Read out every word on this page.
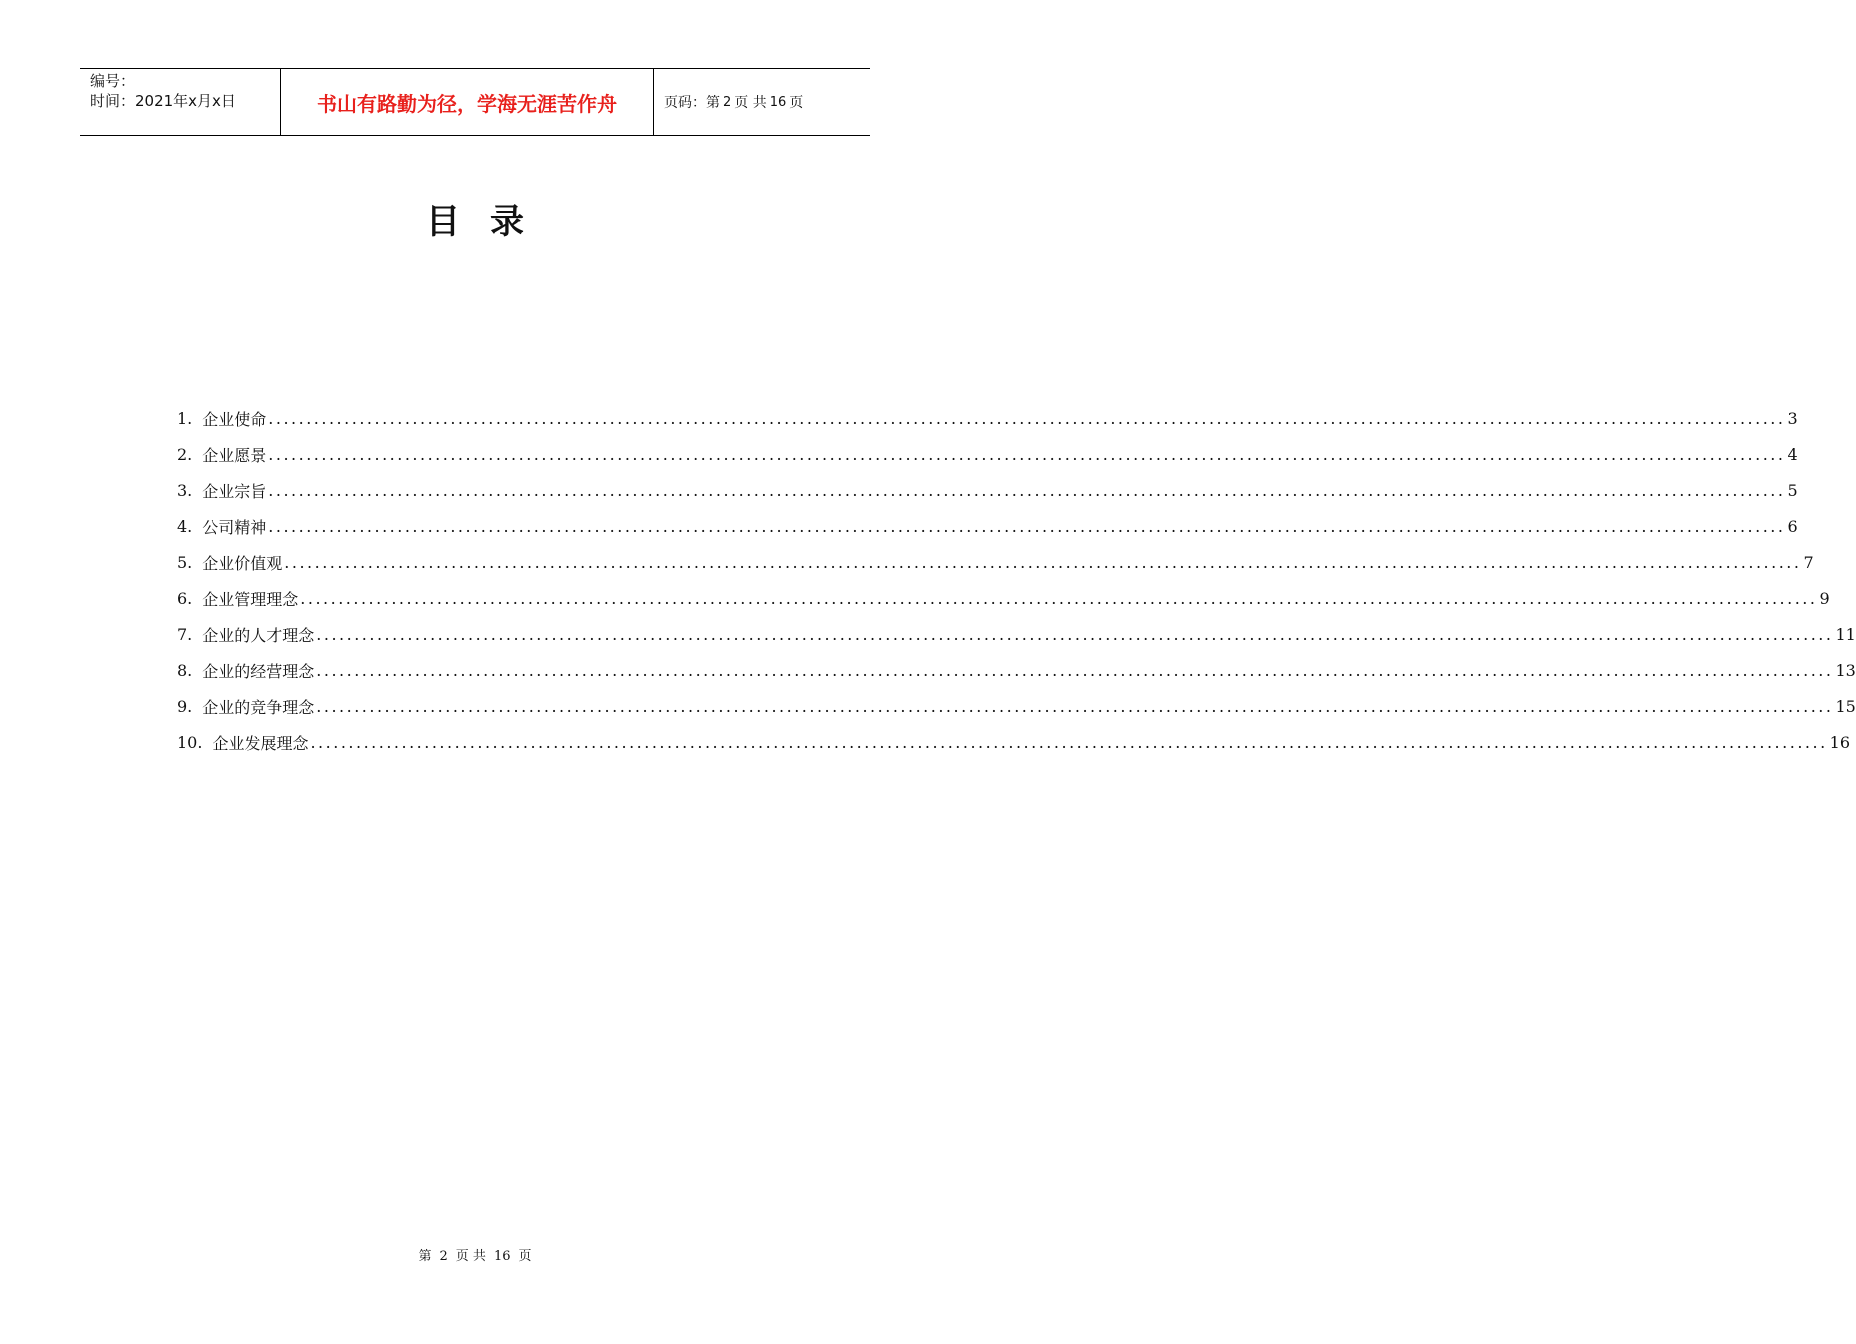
编号：
时间：2021年x月x日	书山有路勤为径，学海无涯苦作舟	页码：第 2 页 共 16 页
目录
1. 企业使命 ........................................................................................................................................................................................................ 3
2. 企业愿景 ........................................................................................................................................................................................................ 4
3. 企业宗旨 ........................................................................................................................................................................................................ 5
4. 公司精神 ........................................................................................................................................................................................................ 6
5. 企业价值观 ........................................................................................................................................................................................................ 7
6. 企业管理理念 ........................................................................................................................................................................................................ 9
7. 企业的人才理念 ........................................................................................................................................................................................................ 11
8. 企业的经营理念 ........................................................................................................................................................................................................ 13
9. 企业的竞争理念 ........................................................................................................................................................................................................ 15
10. 企业发展理念 ........................................................................................................................................................................................................ 16
第 2 页 共 16 页
